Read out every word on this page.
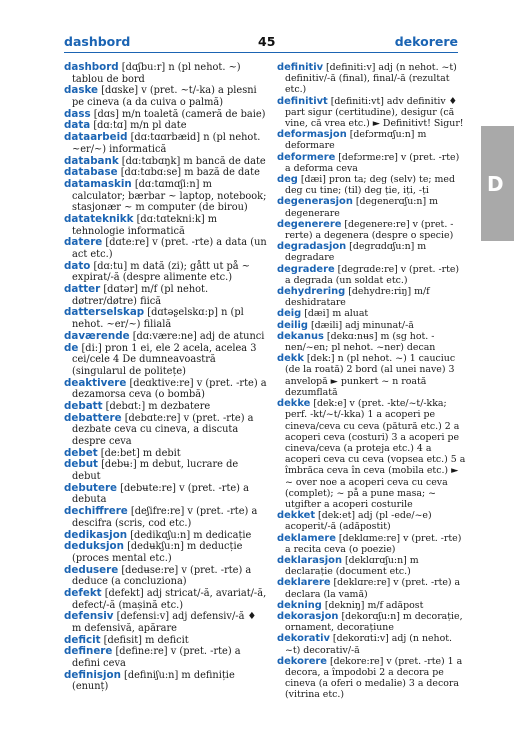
dashbord	45	dekorere
dashbord [dɑʃbu:r] n (pl nehot. ~) tablou de bord
daske [dɑske] v (pret. ~t/-ka) a plesni pe cineva (a da cuiva o palmă)
dass [dɑs] m/n toaletă (cameră de baie)
data [dɑ:tɑ] m/n pl date
dataarbeid [dɑ:tɑɑrbæid] n (pl nehot. ~er/~) informatică
databank [dɑ:tɑbɑŋk] m bancă de date
database [dɑ:tɑbɑ:se] m bază de date
datamaskin [dɑ:tɑmɑʃi:n] m calculator; bærbar ~ laptop, notebook; stasjonær ~ m computer (de birou)
datateknikk [dɑ:tɑtekni:k] m tehnologie informatică
datere [dɑte:re] v (pret. -rte) a data (un act etc.)
dato [dɑ:tu] m dată (zi); gått ut på ~ expirat/-ă (despre alimente etc.)
datter [dɑtər] m/f (pl nehot. døtrer/døtre) fiică
datterselskap [dɑtəʂelskɑ:p] n (pl nehot. ~er/~) filială
daværende [dɑ:være:ne] adj de atunci
de [di:] pron 1 ei, ele 2 acela, acelea 3 cei/cele 4 De dumneavoastră (singularul de politețe)
deaktivere [deɑktive:re] v (pret. -rte) a dezamorsa ceva (o bombă)
debatt [debɑt:] m dezbatere
debattere [debɑte:re] v (pret. -rte) a dezbate ceva cu cineva, a discuta despre ceva
debet [de:bet] m debit
debut [debʉ:] m debut, lucrare de debut
debutere [debʉte:re] v (pret. -rte) a debuta
dechiffrere [deʃifre:re] v (pret. -rte) a descifra (scris, cod etc.)
dedikasjon [dedikɑʃu:n] m dedicație
deduksjon [dedʉkʃu:n] m deducție (proces mental etc.)
dedusere [dedʉse:re] v (pret. -rte) a deduce (a concluziona)
defekt [defekt] adj stricat/-ă, avariat/-ă, defect/-ă (mașină etc.)
defensiv [defensi:v] adj defensiv/-ă ♦ m defensivă, apărare
deficit [defisit] m deficit
definere [define:re] v (pret. -rte) a defini ceva
definisjon [definiʃu:n] m definiție (enunț)
definitiv [definiti:v] adj (n nehot. ~t) definitiv/-ă (final), final/-ă (rezultat etc.)
definitivt [definiti:vt] adv definitiv ♦ part sigur (certitudine), desigur (că vine, că vrea etc.) ► Definitivt! Sigur!
deformasjon [defɔrmɑʃu:n] m deformare
deformere [defɔrme:re] v (pret. -rte) a deforma ceva
deg [dæi] pron ta; deg (selv) te; med deg cu tine; (til) deg ție, iți, -ți
degenerasjon [degenerɑʃu:n] m degenerare
degenerere [degenere:re] v (pret. -rerte) a degenera (despre o specie)
degradasjon [degrɑdɑʃu:n] m degradare
degradere [degrɑde:re] v (pret. -rte) a degrada (un soldat etc.)
dehydrering [dehydre:riŋ] m/f deshidratare
deig [dæi] m aluat
deilig [dæili] adj minunat/-ă
dekanus [dekɑ:nʉs] m (sg hot. -nen/~en; pl nehot. ~ner) decan
dekk [dek:] n (pl nehot. ~) 1 cauciuc (de la roată) 2 bord (al unei nave) 3 anvelopă ► punkert ~ n roată dezumflată
dekke [dek:e] v (pret. -kte/~t/-kka; perf. -kt/~t/-kka) 1 a acoperi pe cineva/ceva cu ceva (pătură etc.) 2 a acoperi ceva (costuri) 3 a acoperi pe cineva/ceva (a proteja etc.) 4 a acoperi ceva cu ceva (vopsea etc.) 5 a îmbrăca ceva în ceva (mobila etc.) ► ~ over noe a acoperi ceva cu ceva (complet); ~ på a pune masa; ~ utgifter a acoperi costurile
dekket [dek:et] adj (pl -ede/~e) acoperit/-ă (adăpostit)
deklamere [deklɑme:re] v (pret. -rte) a recita ceva (o poezie)
deklarasjon [deklɑrɑʃu:n] m declarație (document etc.)
deklarere [deklɑre:re] v (pret. -rte) a declara (la vamă)
dekning [dekniŋ] m/f adăpost
dekorasjon [dekorɑʃu:n] m decorație, ornament, decorațiune
dekorativ [dekorɑti:v] adj (n nehot. ~t) decorativ/-ă
dekorere [dekore:re] v (pret. -rte) 1 a decora, a împodobi 2 a decora pe cineva (a oferi o medalie) 3 a decora (vitrina etc.)
D
